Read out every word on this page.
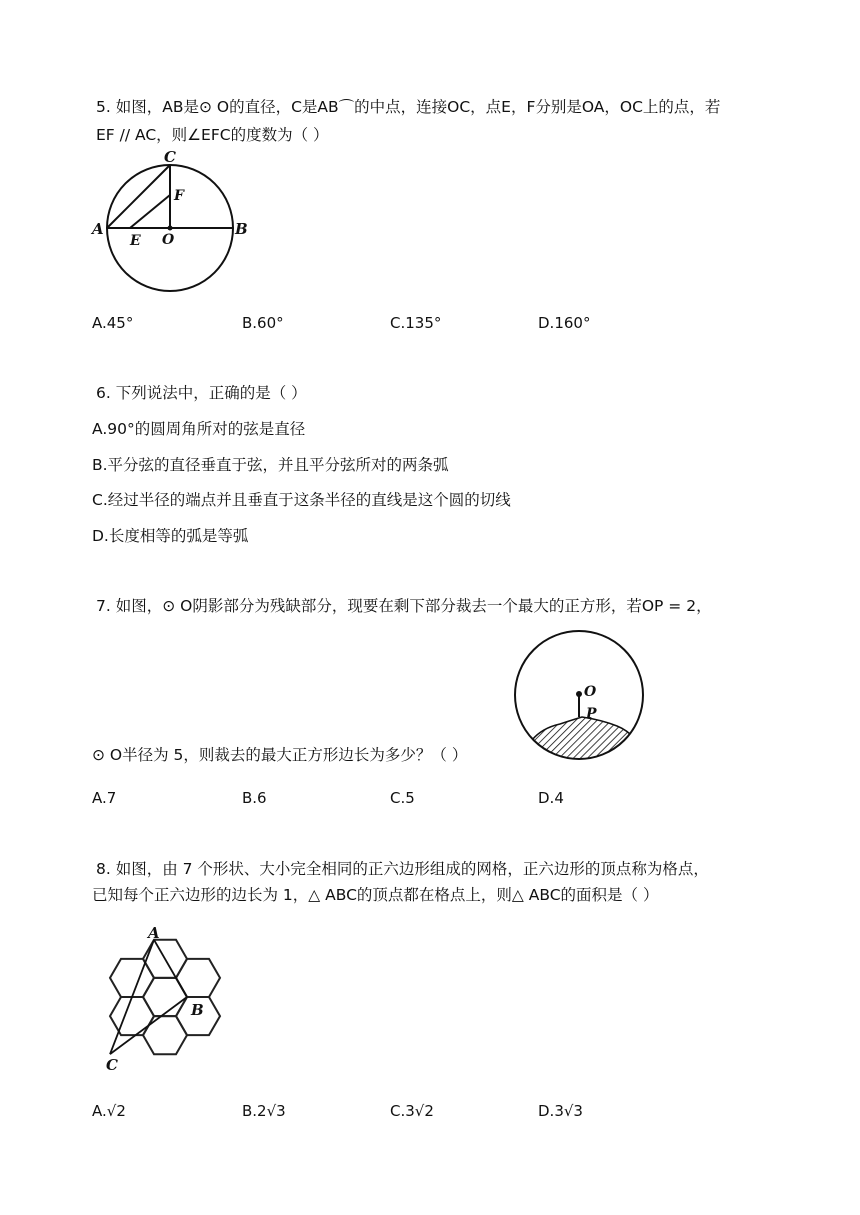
5. 如图，AB是⊙ O的直径，C是AB⌒的中点，连接OC，点E，F分别是OA，OC上的点，若
EF // AC，则∠EFC的度数为（ ）
C
F
A	B
E O
A.45°	B.60°	C.135°	D.160°
6. 下列说法中，正确的是（ ）
A.90°的圆周角所对的弦是直径
B.平分弦的直径垂直于弦，并且平分弦所对的两条弧
C.经过半径的端点并且垂直于这条半径的直线是这个圆的切线
D.长度相等的弧是等弧
7. 如图，⊙ O阴影部分为残缺部分，现要在剩下部分裁去一个最大的正方形，若OP = 2，
O
P
⊙ O半径为 5，则裁去的最大正方形边长为多少？（ ）
A.7	B.6	C.5	D.4
8. 如图，由 7 个形状、大小完全相同的正六边形组成的网格，正六边形的顶点称为格点，
已知每个正六边形的边长为 1，△ ABC的顶点都在格点上，则△ ABC的面积是（ ）
A
B
C
A.√2	B.2√3	C.3√2	D.3√3
